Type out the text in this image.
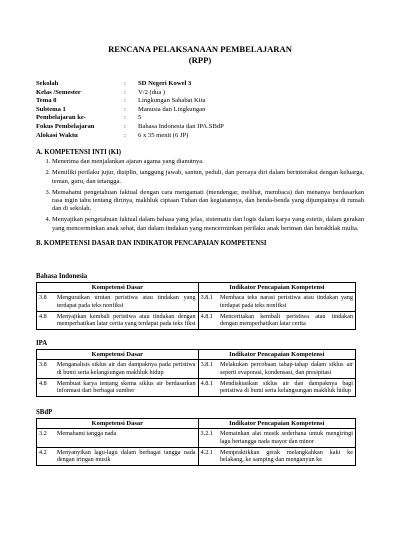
RENCANA PELAKSANAAN PEMBELAJARAN
(RPP)
Sekolah	:	SD Negeri Kowel 3
Kelas /Semester	:	V/2 (dua )
Tema 8	:	Lingkungan Sahabat Kita
Subtema 1	:	Manusia dan Lingkungan
Pembelajaran ke-	:	5
Fokus Pembelajaran	:	Bahasa Indonesia dan IPA.SBdP
Alokasi Waktu	:	6 x 35 menit (6 JP)
A. KOMPETENSI INTI (KI)
1. Menerima dan menjalankan ajaran agama yang dianutnya.
2. Memiliki perilaku jujur, disiplin, tanggung jawab, santun, peduli, dan percaya diri dalam berinteraksi dengan keluarga, teman, guru, dan tetangga.
3. Memahami pengetahuan faktual dengan cara mengamati (mendengar, melihat, membaca) dan menanya berdasarkan rasa ingin tahu tentang dirinya, makhluk ciptaan Tuhan dan kegiatannya, dan benda-benda yang dijumpainya di rumah dan di sekolah.
4. Menyajikan pengetahuan faktual dalam bahasa yang jelas, sistematis dan logis dalam karya yang estetis, dalam gerakan yang mencerminkan anak sehat, dan dalam tindakan yang mencerminkan perilaku anak beriman dan berakhlak mulia.
B. KOMPETENSI DASAR DAN INDIKATOR PENCAPAIAN KOMPETENSI
Bahasa Indonesia
Kompetensi Dasar		Indikator Pencapaian Kompetensi	
3.8	Menguraikan urutan peristiwa atau tindakan yang terdapat pada teks nonfiksi	3.8.1	Membaca teks narasi peristiwa atau tindakan yang terdapat pada teks nonfiksi
4.8	Menyajikan kembali peristiwa atau tindakan dengan memperhatikan latar cerita yang terdapat pada teks fiksi	4.8.1	Menceritakan kembali peristiwa atau tindakan dengan memperhatikan latar cerita
IPA
Kompetensi Dasar		Indikator Pencapaian Kompetensi	
3.8	Menganalisis siklus air dan dampaknya pada peristiwa di bumi serta kelangsungan makhluk hidup	3.8.1	Melakukan percobaan tahap-tahap dalam siklus air seperti evaporasi, kondensasi, dan presipitasi
4.8	Membuat karya tentang skema siklus air berdasarkan informasi dari berbagai sumber	4.8.1	Mendiskusikan siklus air dan dampaknya bagi peristiwa di bumi serta kelangsungan makhluk hidup
SBdP
Kompetensi Dasar		Indikator Pencapaian Kompetensi	
3.2	Memahami tangga nada	3.2.1	Memainkan alat musik sederhana untuk mengiringi lagu bertangga nada mayor dan minor
4.2	Menyanyikan lagu-lagu dalam berbagai tangga nada dengan iringan musik	4.2.1	Mempraktikkan gerak melangkahkan kaki ke belakang, ke samping dan menganyun ke
